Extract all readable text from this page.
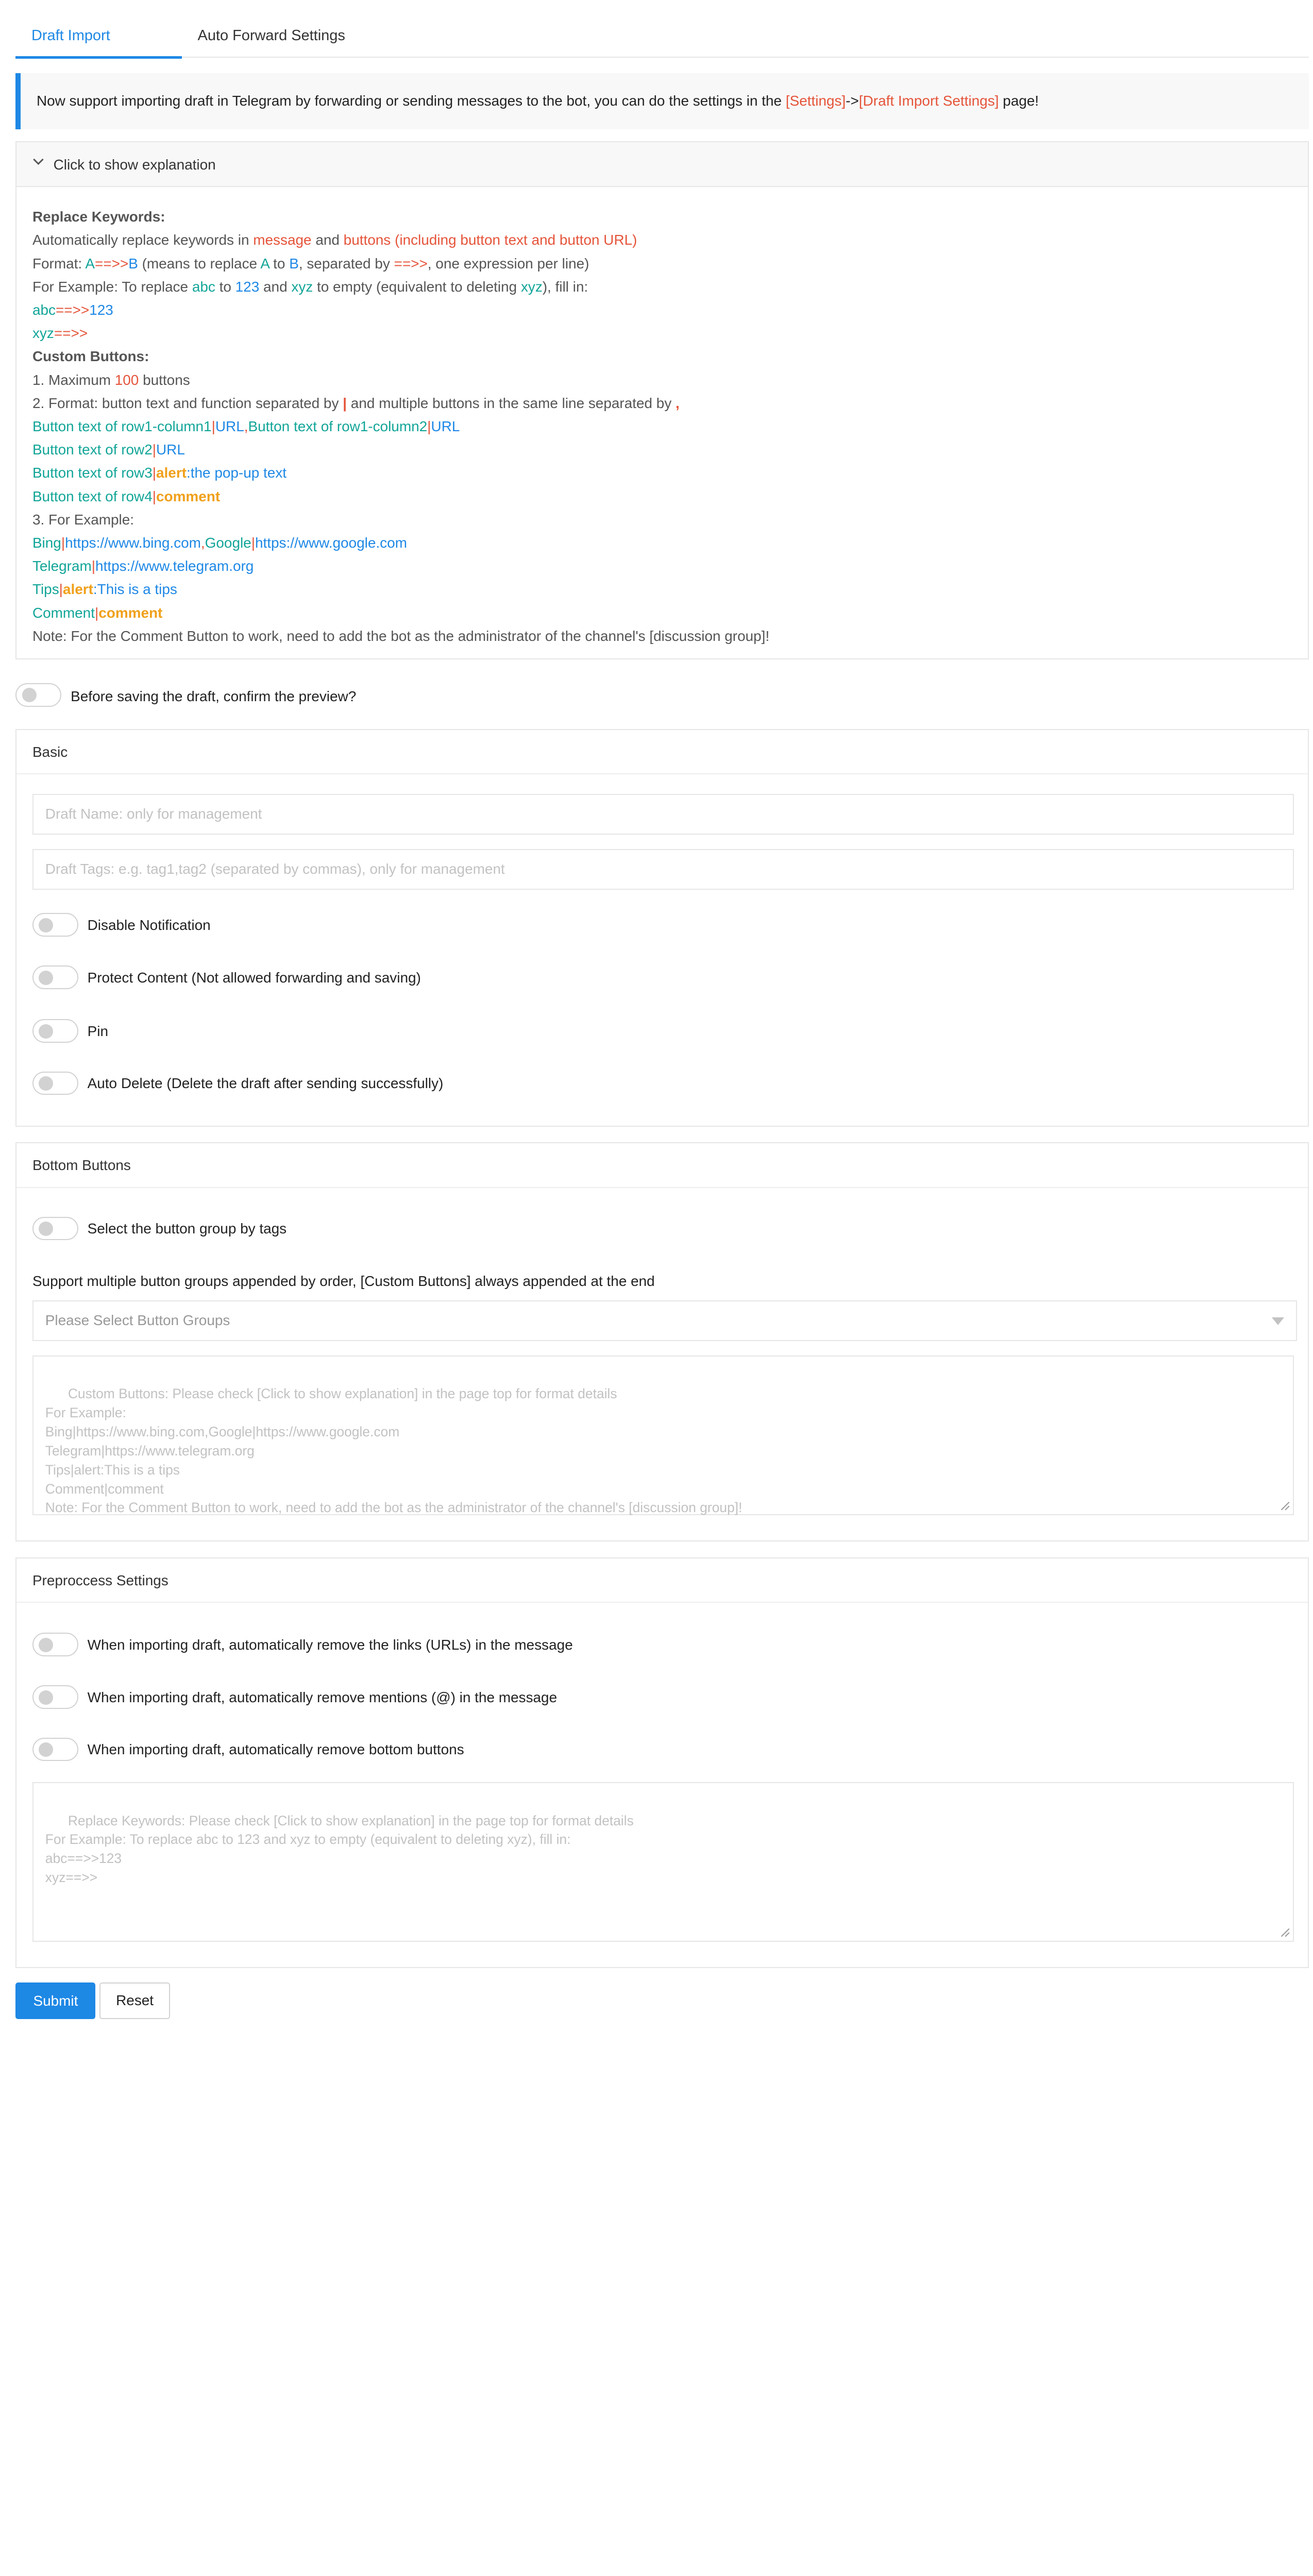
Draft Import	Auto Forward Settings
Now support importing draft in Telegram by forwarding or sending messages to the bot, you can do the settings in the [Settings]->[Draft Import Settings] page!
Click to show explanation
Replace Keywords:
Automatically replace keywords in message and buttons (including button text and button URL)
Format: A==>>B (means to replace A to B, separated by ==>>, one expression per line)
For Example: To replace abc to 123 and xyz to empty (equivalent to deleting xyz), fill in:
abc==>>123
xyz==>>
Custom Buttons:
1. Maximum 100 buttons
2. Format: button text and function separated by | and multiple buttons in the same line separated by ,
Button text of row1-column1|URL,Button text of row1-column2|URL
Button text of row2|URL
Button text of row3|alert:the pop-up text
Button text of row4|comment
3. For Example:
Bing|https://www.bing.com,Google|https://www.google.com
Telegram|https://www.telegram.org
Tips|alert:This is a tips
Comment|comment
Note: For the Comment Button to work, need to add the bot as the administrator of the channel's [discussion group]!
Before saving the draft, confirm the preview?
Basic
Draft Name: only for management
Draft Tags: e.g. tag1,tag2 (separated by commas), only for management
Disable Notification
Protect Content (Not allowed forwarding and saving)
Pin
Auto Delete (Delete the draft after sending successfully)
Bottom Buttons
Select the button group by tags
Support multiple button groups appended by order, [Custom Buttons] always appended at the end
Please Select Button Groups

Custom Buttons: Please check [Click to show explanation] in the page top for format details
For Example:
Bing|https://www.bing.com,Google|https://www.google.com
Telegram|https://www.telegram.org
Tips|alert:This is a tips
Comment|comment
Note: For the Comment Button to work, need to add the bot as the administrator of the channel's [discussion group]!

Preproccess Settings
When importing draft, automatically remove the links (URLs) in the message
When importing draft, automatically remove mentions (@) in the message
When importing draft, automatically remove bottom buttons

Replace Keywords: Please check [Click to show explanation] in the page top for format details
For Example: To replace abc to 123 and xyz to empty (equivalent to deleting xyz), fill in:
abc==>>123
xyz==>>

Submit	Reset
